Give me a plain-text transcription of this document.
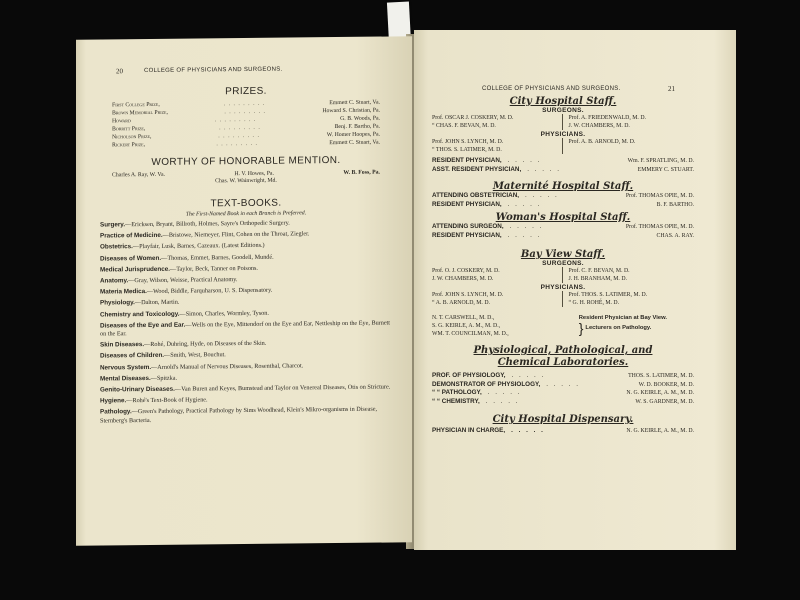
20	COLLEGE OF PHYSICIANS AND SURGEONS.
PRIZES.
First College Prize,	. . . . . . . . .	Emmett C. Stuart, Va.
Brown Memorial Prize,	. . . . . . . . .	Howard S. Christian, Pa.
Howard	. . . . . . . . .	G. B. Woods, Pa.
Borritt Prize,	. . . . . . . . .	Benj. F. Bartho, Pa.
Nicholson Prize,	. . . . . . . . .	W. Homer Hoopes, Pa.
Rickert Prize,	. . . . . . . . .	Emmett C. Stuart, Va.
WORTHY OF HONORABLE MENTION.
Charles A. Ray, W. Va.	H. V. Howes, Pa.	W. B. Foss, Pa.
Chas. W. Wainwright, Md.
TEXT-BOOKS.
The First-Named Book in each Branch is Preferred.
Surgery.—Ericksen, Bryant, Billroth, Holmes, Sayre's Orthopedic Surgery.
Practice of Medicine.—Bristowe, Niemeyer, Flint, Cohen on the Throat, Ziegler.
Obstetrics.—Playfair, Lusk, Barnes, Cazeaux. (Latest Editions.)
Diseases of Women.—Thomas, Emmet, Barnes, Goodell, Mundé.
Medical Jurisprudence.—Taylor, Beck, Tanner on Poisons.
Anatomy.—Gray, Wilson, Weisse, Practical Anatomy.
Materia Medica.—Wood, Biddle, Farquharson, U. S. Dispensatory.
Physiology.—Dalton, Martin.
Chemistry and Toxicology.—Simon, Charles, Wormley, Tyson.
Diseases of the Eye and Ear.—Wells on the Eye, Mittendorf on the Eye and Ear, Nettleship on the Eye, Burnett on the Ear.
Skin Diseases.—Rohé, Duhring, Hyde, on Diseases of the Skin.
Diseases of Children.—Smith, West, Bouchut.
Nervous System.—Arnold's Manual of Nervous Diseases, Rosenthal, Charcot.
Mental Diseases.—Spitzka.
Genito-Urinary Diseases.—Van Buren and Keyes, Bumstead and Taylor on Venereal Diseases, Otis on Stricture.
Hygiene.—Rohé's Text-Book of Hygiene.
Pathology.—Green's Pathology, Practical Pathology by Sims Woodhead, Klein's Mikro-organisms in Disease, Sternberg's Bacteria.
COLLEGE OF PHYSICIANS AND SURGEONS.	21
City Hospital Staff.
SURGEONS.
Prof. OSCAR J. COSKERY, M. D.	Prof. A. FRIEDENWALD, M. D.
“ CHAS. F. BEVAN, M. D.	J. W. CHAMBERS, M. D.
PHYSICIANS.
Prof. JOHN S. LYNCH, M. D.	Prof. A. B. ARNOLD, M. D.
“ THOS. S. LATIMER, M. D.
RESIDENT PHYSICIAN, . . . . .	Wm. F. SPRATLING, M. D.
ASST. RESIDENT PHYSICIAN, . . . . .	EMMERY C. STUART.
Maternité Hospital Staff.
ATTENDING OBSTETRICIAN, . . . . .	Prof. THOMAS OPIE, M. D.
RESIDENT PHYSICIAN, . . . . .	B. F. BARTHO.
Woman's Hospital Staff.
ATTENDING SURGEON, . . . . .	Prof. THOMAS OPIE, M. D.
RESIDENT PHYSICIAN, . . . . .	CHAS. A. RAY.
Bay View Staff.
SURGEONS.
Prof. O. J. COSKERY, M. D.	Prof. C. F. BEVAN, M. D.
J. W. CHAMBERS, M. D.	J. H. BRANHAM, M. D.
PHYSICIANS.
Prof. JOHN S. LYNCH, M. D.	Prof. THOS. S. LATIMER, M. D.
“ A. B. ARNOLD, M. D.	“ G. H. ROHÉ, M. D.
N. T. CARSWELL, M. D.,
S. G. KEIRLE, A. M., M. D.,
WM. T. COUNCILMAN, M. D.,
Resident Physician at Bay View.
} Lecturers on Pathology.
Physiological, Pathological, and Chemical Laboratories.
PROF. OF PHYSIOLOGY, . . . . .	THOS. S. LATIMER, M. D.
DEMONSTRATOR OF PHYSIOLOGY, . . . . .	W. D. BOOKER, M. D.
“ “ PATHOLOGY, . . . . .	N. G. KEIRLE, A. M., M. D.
“ “ CHEMISTRY, . . . . .	W. S. GARDNER, M. D.
City Hospital Dispensary.
PHYSICIAN IN CHARGE, . . . . .	N. G. KEIRLE, A. M., M. D.
